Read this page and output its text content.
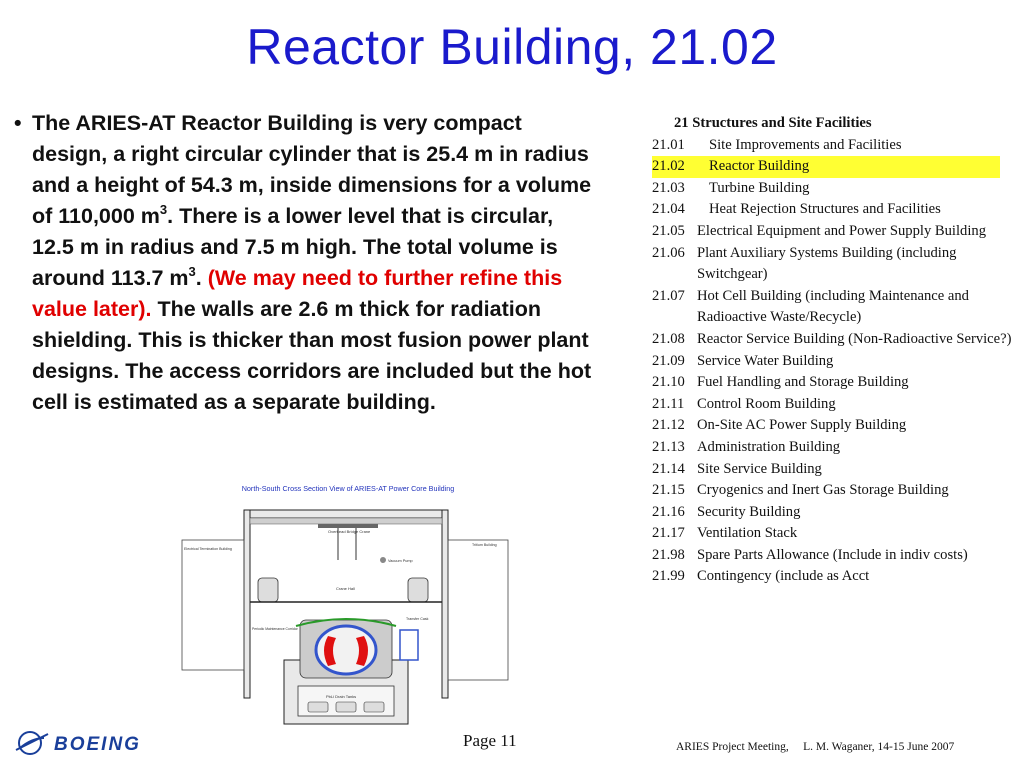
Reactor Building, 21.02
• The ARIES-AT Reactor Building is very compact design, a right circular cylinder that is 25.4 m in radius and a height of 54.3 m, inside dimensions for a volume of 110,000 $m^3$. There is a lower level that is circular, 12.5 m in radius and 7.5 m high. The total volume is around 113.7 $m^3$. (We may need to further refine this value later). The walls are 2.6 m thick for radiation shielding. This is thicker than most fusion power plant designs. The access corridors are included but the hot cell is estimated as a separate building.
21 Structures and Site Facilities
21.01	Site Improvements and Facilities
21.02	Reactor Building
21.03	Turbine Building
21.04	Heat Rejection Structures and Facilities
21.05 Electrical Equipment and Power Supply Building
21.06 Plant Auxiliary Systems Building (including Switchgear)
21.07 Hot Cell Building (including Maintenance and Radioactive Waste/Recycle)
21.08 Reactor Service Building (Non-Radioactive Service?)
21.09 Service Water Building
21.10 Fuel Handling and Storage Building
21.11 Control Room Building
21.12 On-Site AC Power Supply Building
21.13 Administration Building
21.14 Site Service Building
21.15 Cryogenics and Inert Gas Storage Building
21.16 Security Building
21.17 Ventilation Stack
21.98 Spare Parts Allowance (Include in indiv costs)
21.99 Contingency (include as Acct
North-South Cross Section View of ARIES-AT Power Core Building
Overhead Bridge Crane
Electrical Termination Building
Tritium Building
Vacuum Pump
Crane Hall
Transfer Cask
Periodic Maintenance Corridor
PbLi Drain Tanks
BOEING	Page 11	ARIES Project Meeting,     L. M. Waganer, 14-15 June 2007
